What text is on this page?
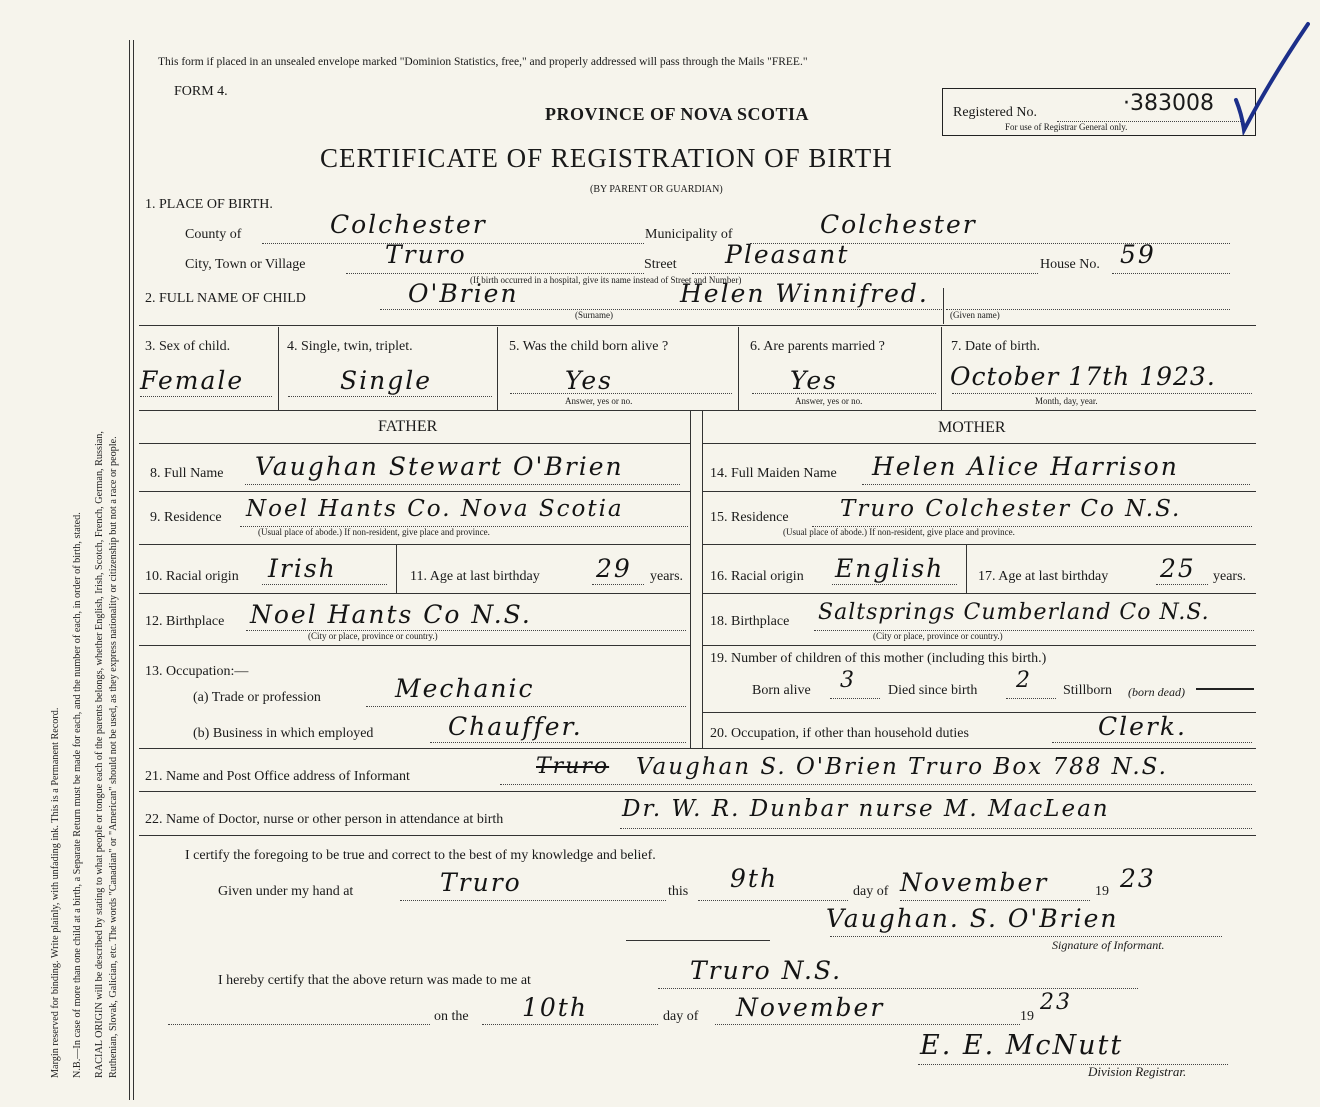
Margin reserved for binding. Write plainly, with unfading ink. This is a Permanent Record. N.B.—In case of more than one child at a birth, a Separate Return must be made for each, and the number of each, in order of birth, stated. RACIAL ORIGIN will be described by stating to what people or tongue each of the parents belongs, whether English, Irish, Scotch, French, German, Russian, Ruthenian, Slovak, Galician, etc. The words "Canadian" or "American" should not be used, as they express nationality or citizenship but not a race or people.
This form if placed in an unsealed envelope marked "Dominion Statistics, free," and properly addressed will pass through the Mails "FREE."
FORM 4.
PROVINCE OF NOVA SCOTIA
CERTIFICATE OF REGISTRATION OF BIRTH
(BY PARENT OR GUARDIAN)
Registered No.	·383008
For use of Registrar General only.
1. PLACE OF BIRTH.
County of	Colchester	Municipality of	Colchester
City, Town or Village	Truro	Street Pleasant
(If birth occurred in a hospital, give its name instead of Street and Number)
House No. 59
2. FULL NAME OF CHILD	O'Brien
(Surname)
Helen Winnifred.
(Given name)
3. Sex of child.
Female
4. Single, twin, triplet.
Single
5. Was the child born alive ?
Yes
Answer, yes or no.
6. Are parents married ?
Yes
Answer, yes or no.
7. Date of birth.
October 17th 1923.
Month, day, year.
FATHER	MOTHER
8. Full Name Vaughan Stewart O'Brien	14. Full Maiden Name Helen Alice Harrison
9. Residence Noel Hants Co. Nova Scotia
(Usual place of abode.) If non-resident, give place and province.
15. Residence Truro Colchester Co N.S.
(Usual place of abode.) If non-resident, give place and province.
10. Racial origin Irish	11. Age at last birthday 29 years. 16. Racial origin English 17. Age at last birthday 25 years.
12. Birthplace Noel Hants Co N.S.
(City or place, province or country.)
18. Birthplace Saltsprings Cumberland Co N.S.
(City or place, province or country.)
13. Occupation:—
(a) Trade or profession	Mechanic
(b) Business in which employed	Chauffer.
19. Number of children of this mother (including this birth.)
Born alive 3 Died since birth 2 Stillborn (born dead)
20. Occupation, if other than household duties	Clerk.
21. Name and Post Office address of Informant	Truro Vaughan S. O'Brien Truro Box 788 N.S.
22. Name of Doctor, nurse or other person in attendance at birth	Dr. W. R. Dunbar nurse M. MacLean
I certify the foregoing to be true and correct to the best of my knowledge and belief.
Given under my hand at	Truro	this 9th	day of November	19 23
Vaughan. S. O'Brien
Signature of Informant.
I hereby certify that the above return was made to me at	Truro N.S.
on the 10th	day of November	19
23
E. E. McNutt
Division Registrar.
